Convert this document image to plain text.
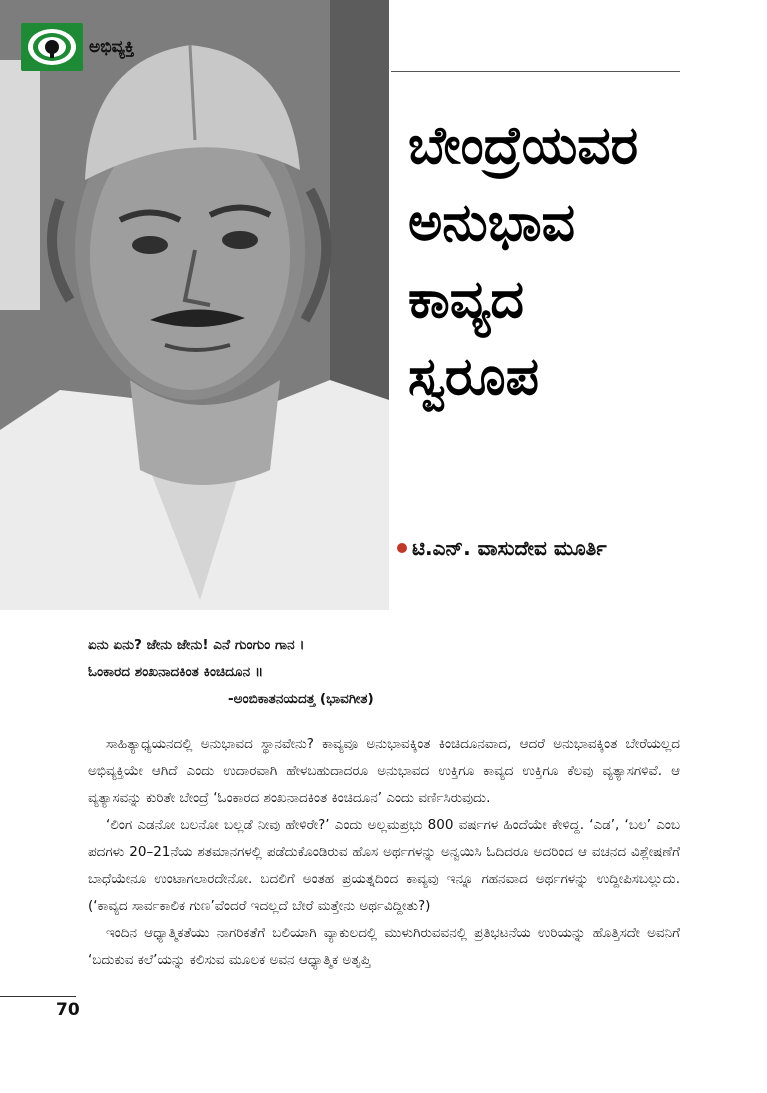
ಅಭಿವ್ಯಕ್ತಿ
ಬೇಂದ್ರೆಯವರ
ಅನುಭಾವ
ಕಾವ್ಯದ
ಸ್ವರೂಪ
ಟಿ.ಎನ್. ವಾಸುದೇವ ಮೂರ್ತಿ
ಏನು ಏನು? ಜೇನು ಜೇನು! ಎನೆ ಗುಂಗುಂ ಗಾನ ।
ಓಂಕಾರದ ಶಂಖನಾದಕಿಂತ ಕಿಂಚಿದೂನ ॥
-ಅಂಬಿಕಾತನಯದತ್ತ (ಭಾವಗೀತ)

ಸಾಹಿತ್ಯಾಧ್ಯಯನದಲ್ಲಿ ಅನುಭಾವದ ಸ್ಥಾನವೇನು? ಕಾವ್ಯವೂ ಅನುಭಾವಕ್ಕಿಂತ ಕಿಂಚಿದೂನವಾದ, ಆದರೆ ಅನುಭಾವಕ್ಕಿಂತ ಬೇರೆಯಲ್ಲದ ಅಭಿವ್ಯಕ್ತಿಯೇ ಆಗಿದೆ ಎಂದು ಉದಾರವಾಗಿ ಹೇಳಬಹುದಾದರೂ ಅನುಭಾವದ ಉಕ್ತಿಗೂ ಕಾವ್ಯದ ಉಕ್ತಿಗೂ ಕೆಲವು ವ್ಯತ್ಯಾಸಗಳಿವೆ. ಆ ವ್ಯತ್ಯಾಸವನ್ನು ಕುರಿತೇ ಬೇಂದ್ರೆ ‘ಓಂಕಾರದ ಶಂಖನಾದಕಿಂತ ಕಿಂಚಿದೂನ’ ಎಂದು ವರ್ಣಿಸಿರುವುದು.

‘ಲಿಂಗ ಎಡನೋ ಬಲನೋ ಬಲ್ಲಡೆ ನೀವು ಹೇಳಿರೇ?’ ಎಂದು ಅಲ್ಲಮಪ್ರಭು 800 ವರ್ಷಗಳ ಹಿಂದೆಯೇ ಕೇಳಿದ್ದ. ‘ಎಡ’, ‘ಬಲ’ ಎಂಬ ಪದಗಳು 20–21ನೆಯ ಶತಮಾನಗಳಲ್ಲಿ ಪಡೆದುಕೊಂಡಿರುವ ಹೊಸ ಅರ್ಥಗಳನ್ನು ಅನ್ವಯಿಸಿ ಓದಿದರೂ ಅದರಿಂದ ಆ ವಚನದ ವಿಶ್ಲೇಷಣೆಗೆ ಬಾಧೆಯೇನೂ ಉಂಟಾಗಲಾರದೇನೋ. ಬದಲಿಗೆ ಅಂತಹ ಪ್ರಯತ್ನದಿಂದ ಕಾವ್ಯವು ಇನ್ನೂ ಗಹನವಾದ ಅರ್ಥಗಳನ್ನು ಉದ್ದೀಪಿಸಬಲ್ಲುದು. (‘ಕಾವ್ಯದ ಸಾರ್ವಕಾಲಿಕ ಗುಣ’ವೆಂದರೆ ಇದಲ್ಲದೆ ಬೇರೆ ಮತ್ತೇನು ಅರ್ಥವಿದ್ದೀತು?)

ಇಂದಿನ ಆಧ್ಯಾತ್ಮಿಕತೆಯು ನಾಗರಿಕತೆಗೆ ಬಲಿಯಾಗಿ ವ್ಯಾಕುಲದಲ್ಲಿ ಮುಳುಗಿರುವವನಲ್ಲಿ ಪ್ರತಿಭಟನೆಯ ಉರಿಯನ್ನು ಹೊತ್ತಿಸದೇ ಅವನಿಗೆ ‘ಬದುಕುವ ಕಲೆ’ಯನ್ನು ಕಲಿಸುವ ಮೂಲಕ ಅವನ ಆಧ್ಯಾತ್ಮಿಕ ಅತೃಪ್ತಿ

70
